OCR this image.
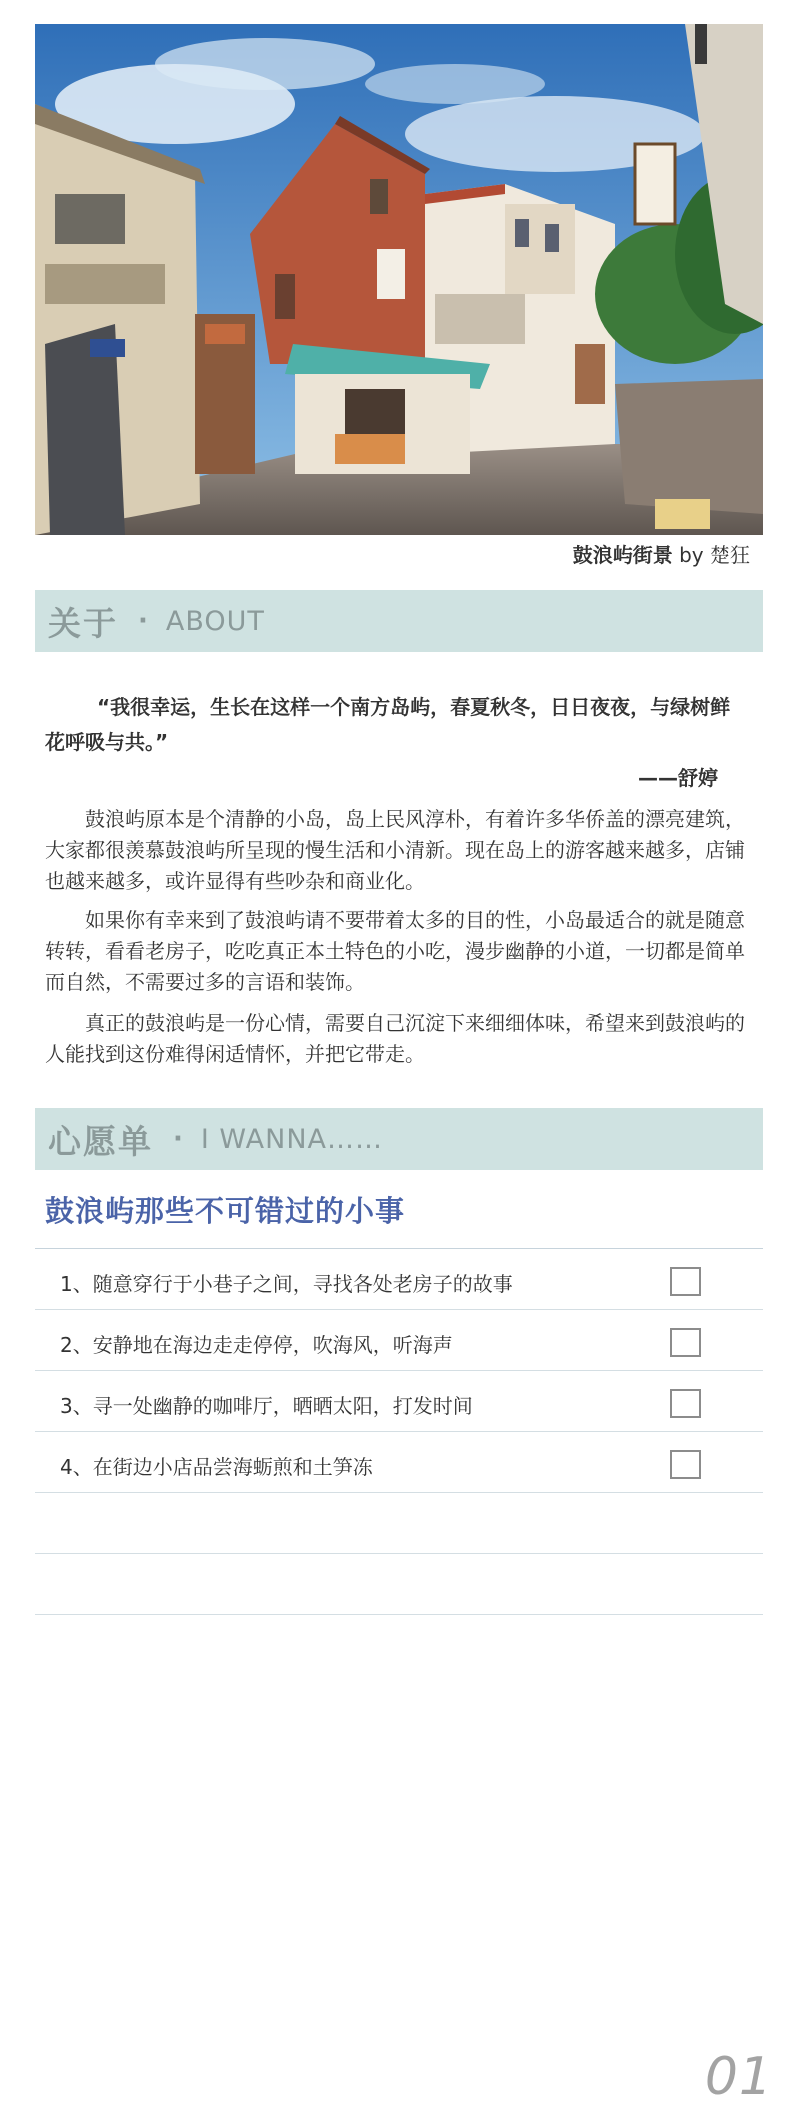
鼓浪屿街景 by 楚狂
关于 · ABOUT
“我很幸运，生长在这样一个南方岛屿，春夏秋冬，日日夜夜，与绿树鲜花呼吸与共。”
——舒婷
鼓浪屿原本是个清静的小岛，岛上民风淳朴，有着许多华侨盖的漂亮建筑，大家都很羡慕鼓浪屿所呈现的慢生活和小清新。现在岛上的游客越来越多，店铺也越来越多，或许显得有些吵杂和商业化。
如果你有幸来到了鼓浪屿请不要带着太多的目的性，小岛最适合的就是随意转转，看看老房子，吃吃真正本土特色的小吃，漫步幽静的小道，一切都是简单而自然，不需要过多的言语和装饰。
真正的鼓浪屿是一份心情，需要自己沉淀下来细细体味，希望来到鼓浪屿的人能找到这份难得闲适情怀，并把它带走。
心愿单 · I WANNA……
鼓浪屿那些不可错过的小事
1、随意穿行于小巷子之间，寻找各处老房子的故事
2、安静地在海边走走停停，吹海风，听海声
3、寻一处幽静的咖啡厅，晒晒太阳，打发时间
4、在街边小店品尝海蛎煎和土笋冻
01
